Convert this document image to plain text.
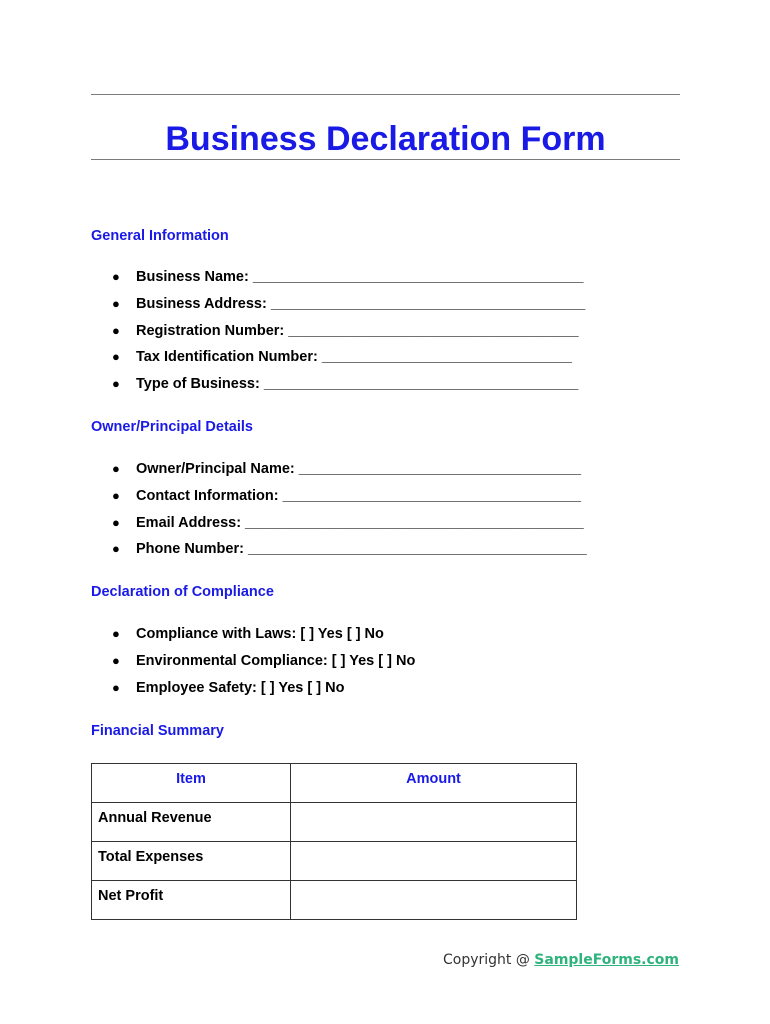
Business Declaration Form
General Information
● Business Name: _________________________________________
● Business Address: _______________________________________
● Registration Number: ____________________________________
● Tax Identification Number: _______________________________
● Type of Business: _______________________________________
Owner/Principal Details
● Owner/Principal Name: ___________________________________
● Contact Information: _____________________________________
● Email Address: __________________________________________
● Phone Number: __________________________________________
Declaration of Compliance
● Compliance with Laws: [ ] Yes [ ] No
● Environmental Compliance: [ ] Yes [ ] No
● Employee Safety: [ ] Yes [ ] No
Financial Summary
Item	Amount
Annual Revenue	
Total Expenses	
Net Profit	
Copyright @ SampleForms.com
